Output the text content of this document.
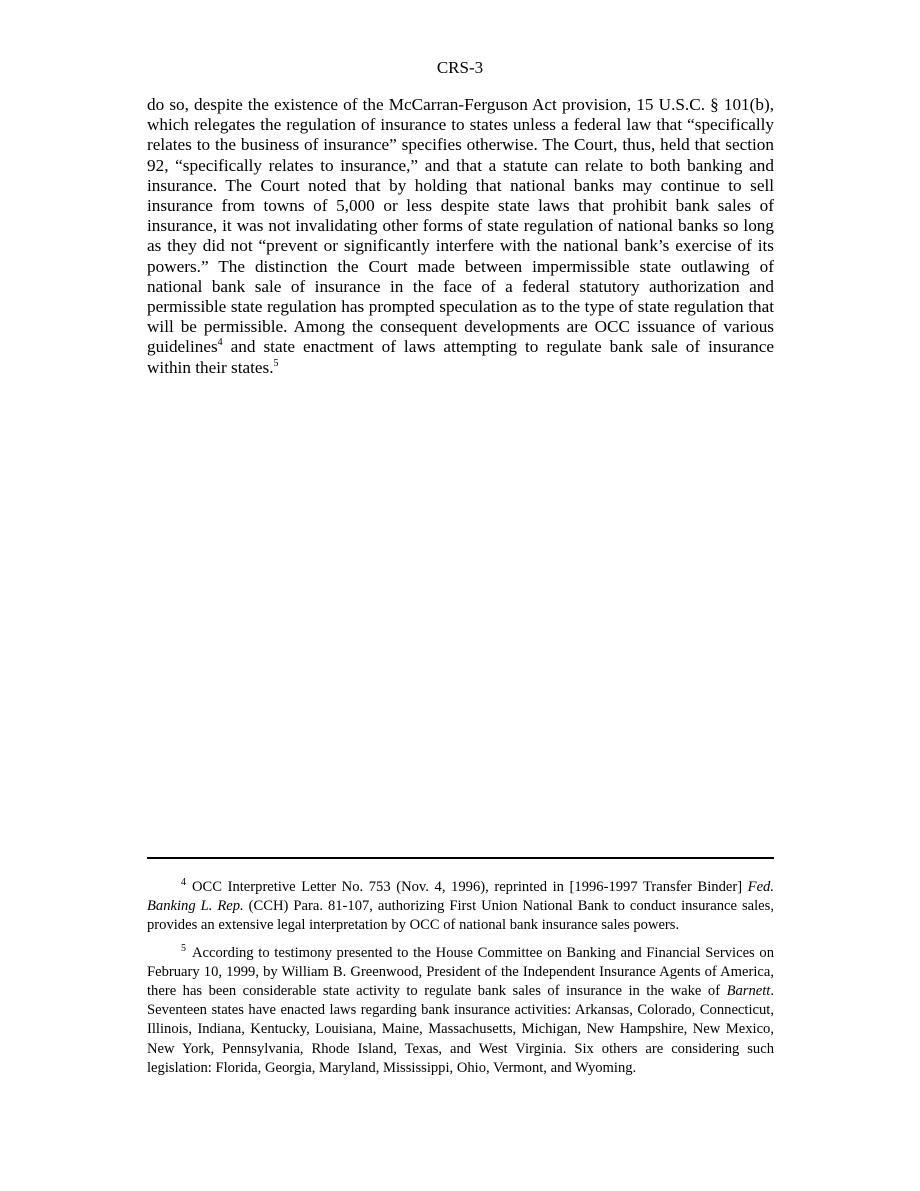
CRS-3

do so, despite the existence of the McCarran-Ferguson Act provision, 15 U.S.C. § 101(b), which relegates the regulation of insurance to states unless a federal law that “specifically relates to the business of insurance” specifies otherwise. The Court, thus, held that section 92, “specifically relates to insurance,” and that a statute can relate to both banking and insurance. The Court noted that by holding that national banks may continue to sell insurance from towns of 5,000 or less despite state laws that prohibit bank sales of insurance, it was not invalidating other forms of state regulation of national banks so long as they did not “prevent or significantly interfere with the national bank’s exercise of its powers.” The distinction the Court made between impermissible state outlawing of national bank sale of insurance in the face of a federal statutory authorization and permissible state regulation has prompted speculation as to the type of state regulation that will be permissible. Among the consequent developments are OCC issuance of various guidelines$^4$ and state enactment of laws attempting to regulate bank sale of insurance within their states.$^5$

$^4$ OCC Interpretive Letter No. 753 (Nov. 4, 1996), reprinted in [1996-1997 Transfer Binder] Fed. Banking L. Rep. (CCH) Para. 81-107, authorizing First Union National Bank to conduct insurance sales, provides an extensive legal interpretation by OCC of national bank insurance sales powers.

$^5$ According to testimony presented to the House Committee on Banking and Financial Services on February 10, 1999, by William B. Greenwood, President of the Independent Insurance Agents of America, there has been considerable state activity to regulate bank sales of insurance in the wake of Barnett. Seventeen states have enacted laws regarding bank insurance activities: Arkansas, Colorado, Connecticut, Illinois, Indiana, Kentucky, Louisiana, Maine, Massachusetts, Michigan, New Hampshire, New Mexico, New York, Pennsylvania, Rhode Island, Texas, and West Virginia. Six others are considering such legislation: Florida, Georgia, Maryland, Mississippi, Ohio, Vermont, and Wyoming.
